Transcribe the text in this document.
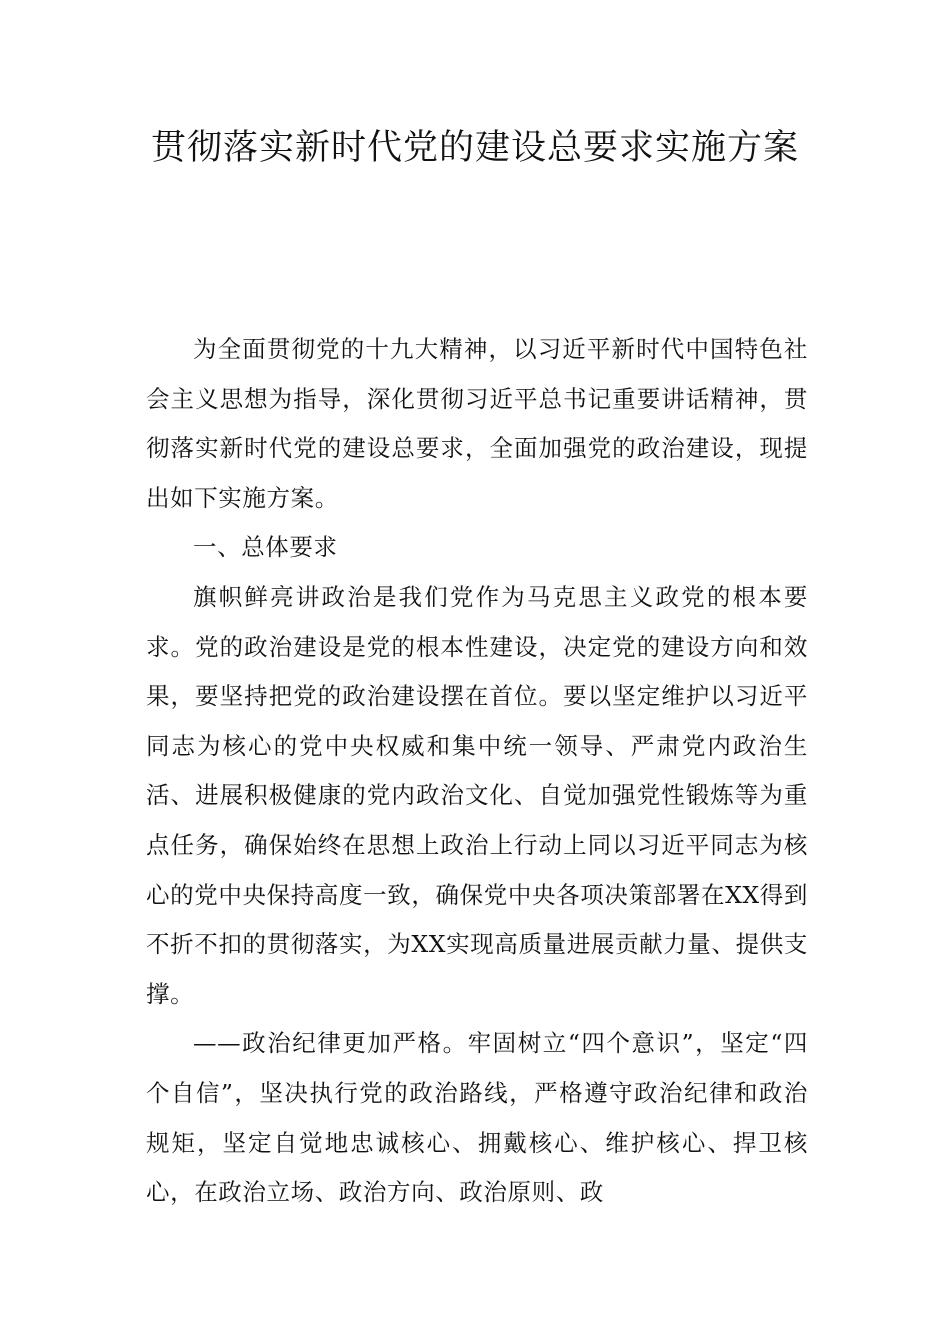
贯彻落实新时代党的建设总要求实施方案

为全面贯彻党的十九大精神，以习近平新时代中国特色社会主义思想为指导，深化贯彻习近平总书记重要讲话精神，贯彻落实新时代党的建设总要求，全面加强党的政治建设，现提出如下实施方案。

一、总体要求

旗帜鲜亮讲政治是我们党作为马克思主义政党的根本要求。党的政治建设是党的根本性建设，决定党的建设方向和效果，要坚持把党的政治建设摆在首位。要以坚定维护以习近平同志为核心的党中央权威和集中统一领导、严肃党内政治生活、进展积极健康的党内政治文化、自觉加强党性锻炼等为重点任务，确保始终在思想上政治上行动上同以习近平同志为核心的党中央保持高度一致，确保党中央各项决策部署在XX得到不折不扣的贯彻落实，为XX实现高质量进展贡献力量、提供支撑。

——政治纪律更加严格。牢固树立“四个意识”，坚定“四个自信”，坚决执行党的政治路线，严格遵守政治纪律和政治规矩，坚定自觉地忠诚核心、拥戴核心、维护核心、捍卫核心，在政治立场、政治方向、政治原则、政
